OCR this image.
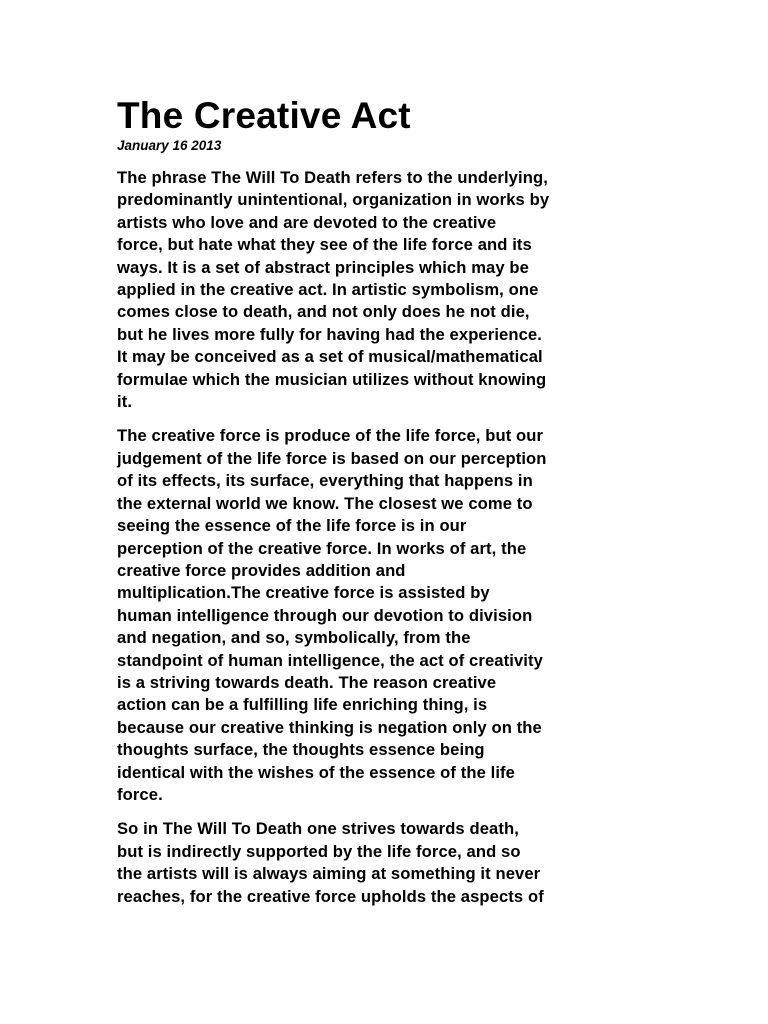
The Creative Act
January 16 2013
The phrase The Will To Death refers to the underlying,
predominantly unintentional, organization in works by
artists who love and are devoted to the creative
force, but hate what they see of the life force and its
ways. It is a set of abstract principles which may be
applied in the creative act. In artistic symbolism, one
comes close to death, and not only does he not die,
but he lives more fully for having had the experience.
It may be conceived as a set of musical/mathematical
formulae which the musician utilizes without knowing
it.
The creative force is produce of the life force, but our
judgement of the life force is based on our perception
of its effects, its surface, everything that happens in
the external world we know. The closest we come to
seeing the essence of the life force is in our
perception of the creative force. In works of art, the
creative force provides addition and
multiplication.The creative force is assisted by
human intelligence through our devotion to division
and negation, and so, symbolically, from the
standpoint of human intelligence, the act of creativity
is a striving towards death. The reason creative
action can be a fulfilling life enriching thing, is
because our creative thinking is negation only on the
thoughts surface, the thoughts essence being
identical with the wishes of the essence of the life
force.
So in The Will To Death one strives towards death,
but is indirectly supported by the life force, and so
the artists will is always aiming at something it never
reaches, for the creative force upholds the aspects of
